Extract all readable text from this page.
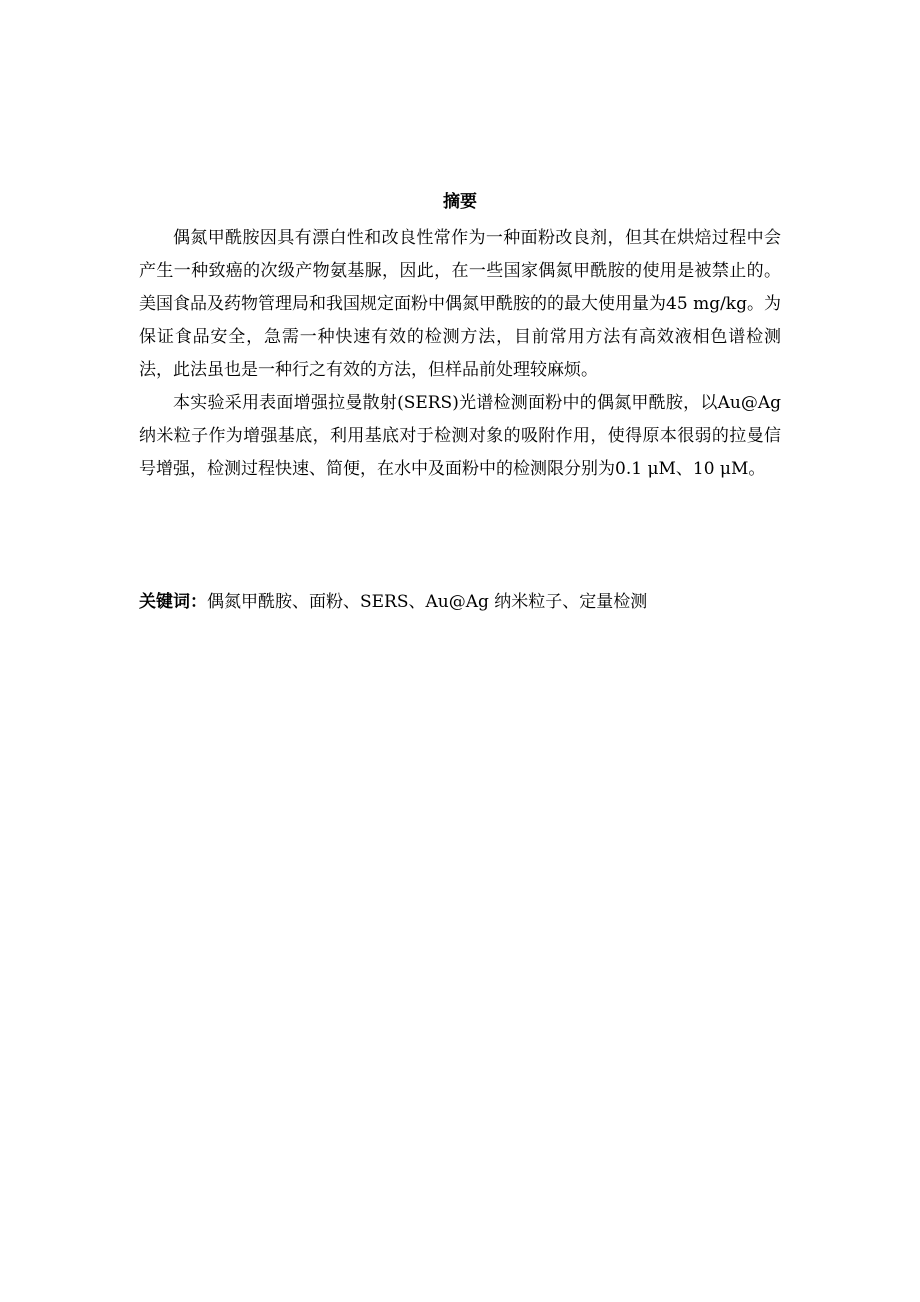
摘要

偶氮甲酰胺因具有漂白性和改良性常作为一种面粉改良剂，但其在烘焙过程中会产生一种致癌的次级产物氨基脲，因此，在一些国家偶氮甲酰胺的使用是被禁止的。美国食品及药物管理局和我国规定面粉中偶氮甲酰胺的的最大使用量为45 mg/kg。为保证食品安全，急需一种快速有效的检测方法，目前常用方法有高效液相色谱检测法，此法虽也是一种行之有效的方法，但样品前处理较麻烦。

本实验采用表面增强拉曼散射(SERS)光谱检测面粉中的偶氮甲酰胺，以Au@Ag纳米粒子作为增强基底，利用基底对于检测对象的吸附作用，使得原本很弱的拉曼信号增强，检测过程快速、简便，在水中及面粉中的检测限分别为0.1 μM、10 μM。

关键词：偶氮甲酰胺、面粉、SERS、Au@Ag 纳米粒子、定量检测
